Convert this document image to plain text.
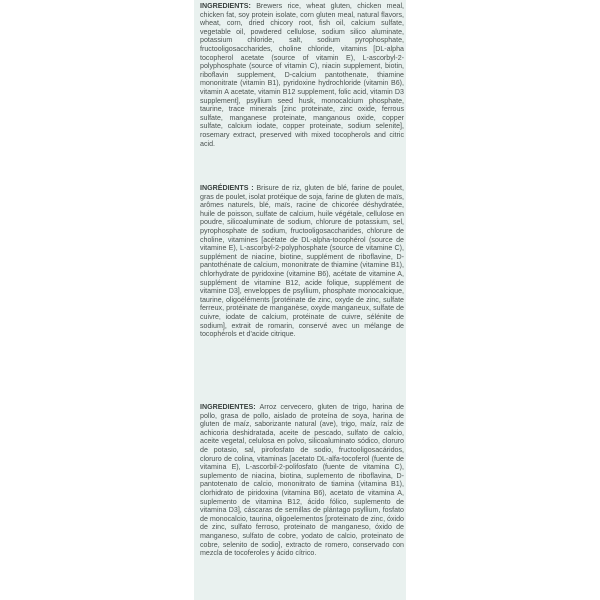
INGREDIENTS: Brewers rice, wheat gluten, chicken meal, chicken fat, soy protein isolate, corn gluten meal, natural flavors, wheat, corn, dried chicory root, fish oil, calcium sulfate, vegetable oil, powdered cellulose, sodium silico aluminate, potassium chloride, salt, sodium pyrophosphate, fructooligosaccharides, choline chloride, vitamins [DL-alpha tocopherol acetate (source of vitamin E), L-ascorbyl-2-polyphosphate (source of vitamin C), niacin supplement, biotin, riboflavin supplement, D-calcium pantothenate, thiamine mononitrate (vitamin B1), pyridoxine hydrochloride (vitamin B6), vitamin A acetate, vitamin B12 supplement, folic acid, vitamin D3 supplement], psyllium seed husk, monocalcium phosphate, taurine, trace minerals [zinc proteinate, zinc oxide, ferrous sulfate, manganese proteinate, manganous oxide, copper sulfate, calcium iodate, copper proteinate, sodium selenite], rosemary extract, preserved with mixed tocopherols and citric acid.
INGRÉDIENTS : Brisure de riz, gluten de blé, farine de poulet, gras de poulet, isolat protéique de soja, farine de gluten de maïs, arômes naturels, blé, maïs, racine de chicorée déshydratée, huile de poisson, sulfate de calcium, huile végétale, cellulose en poudre, silicoaluminate de sodium, chlorure de potassium, sel, pyrophosphate de sodium, fructooligosaccharides, chlorure de choline, vitamines [acétate de DL-alpha-tocophérol (source de vitamine E), L-ascorbyl-2-polyphosphate (source de vitamine C), supplément de niacine, biotine, supplément de riboflavine, D-pantothénate de calcium, mononitrate de thiamine (vitamine B1), chlorhydrate de pyridoxine (vitamine B6), acétate de vitamine A, supplément de vitamine B12, acide folique, supplément de vitamine D3], enveloppes de psyllium, phosphate monocalcique, taurine, oligoéléments [protéinate de zinc, oxyde de zinc, sulfate ferreux, protéinate de manganèse, oxyde manganeux, sulfate de cuivre, iodate de calcium, protéinate de cuivre, sélénite de sodium], extrait de romarin, conservé avec un mélange de tocophérols et d'acide citrique.
INGREDIENTES: Arroz cervecero, gluten de trigo, harina de pollo, grasa de pollo, aislado de proteína de soya, harina de gluten de maíz, saborizante natural (ave), trigo, maíz, raíz de achicoria deshidratada, aceite de pescado, sulfato de calcio, aceite vegetal, celulosa en polvo, silicoaluminato sódico, cloruro de potasio, sal, pirofosfato de sodio, fructooligosacáridos, cloruro de colina, vitaminas [acetato DL-alfa-tocoferol (fuente de vitamina E), L-ascorbil-2-polifosfato (fuente de vitamina C), suplemento de niacina, biotina, suplemento de riboflavina, D-pantotenato de calcio, mononitrato de tiamina (vitamina B1), clorhidrato de piridoxina (vitamina B6), acetato de vitamina A, suplemento de vitamina B12, ácido fólico, suplemento de vitamina D3], cáscaras de semillas de plántago psyllium, fosfato de monocalcio, taurina, oligoelementos [proteinato de zinc, óxido de zinc, sulfato ferroso, proteinato de manganeso, óxido de manganeso, sulfato de cobre, yodato de calcio, proteinato de cobre, selenito de sodio], extracto de romero, conservado con mezcla de tocoferoles y ácido cítrico.
